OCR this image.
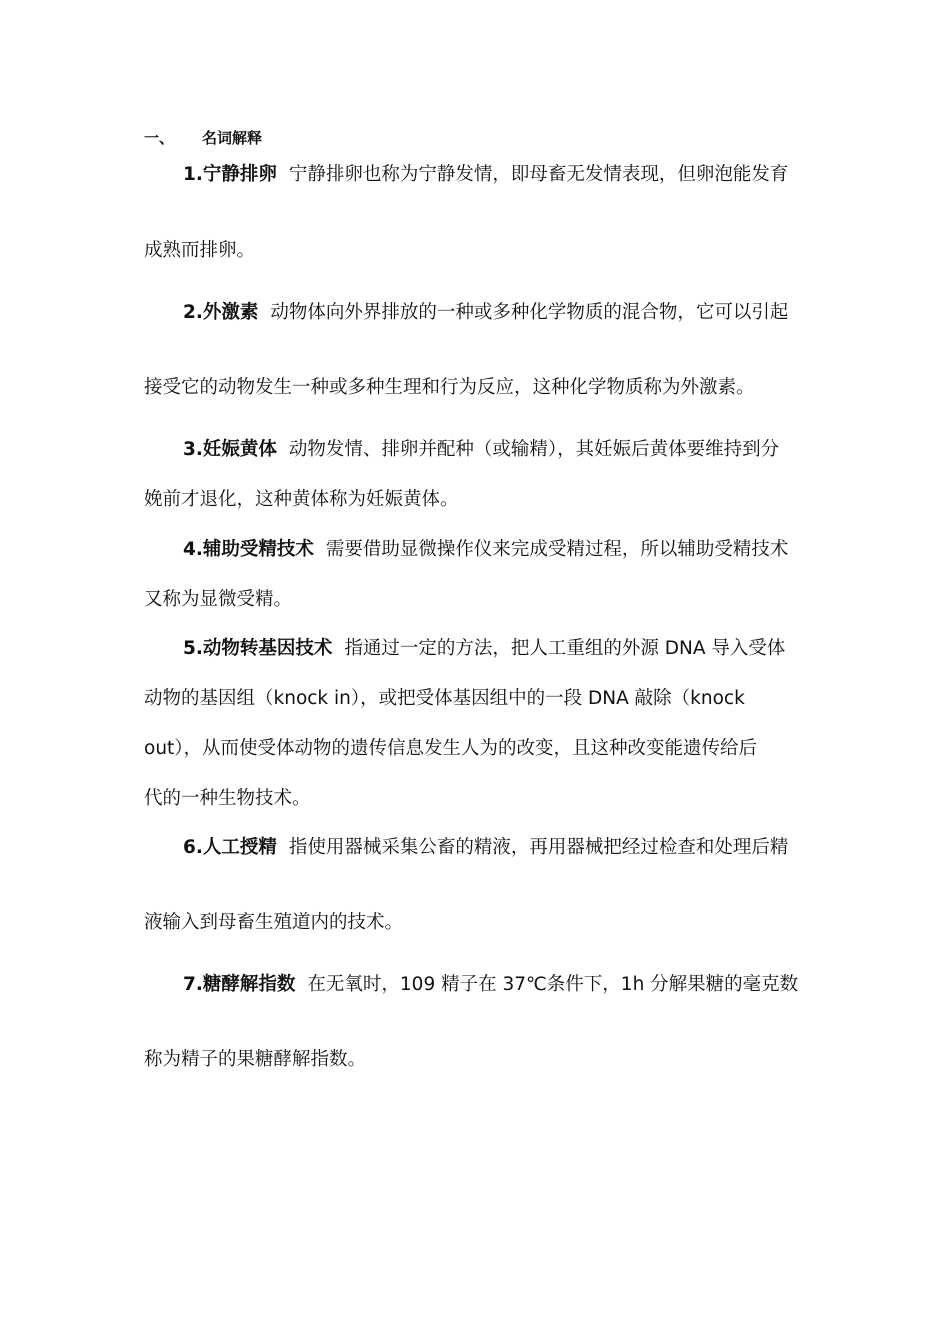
一、 名词解释
1.宁静排卵 宁静排卵也称为宁静发情，即母畜无发情表现，但卵泡能发育
成熟而排卵。
2.外激素 动物体向外界排放的一种或多种化学物质的混合物，它可以引起
接受它的动物发生一种或多种生理和行为反应，这种化学物质称为外激素。
3.妊娠黄体 动物发情、排卵并配种（或输精），其妊娠后黄体要维持到分
娩前才退化，这种黄体称为妊娠黄体。
4.辅助受精技术 需要借助显微操作仪来完成受精过程，所以辅助受精技术
又称为显微受精。
5.动物转基因技术 指通过一定的方法，把人工重组的外源 DNA 导入受体
动物的基因组（knock in），或把受体基因组中的一段 DNA 敲除（knock
out），从而使受体动物的遗传信息发生人为的改变，且这种改变能遗传给后
代的一种生物技术。
6.人工授精 指使用器械采集公畜的精液，再用器械把经过检查和处理后精
液输入到母畜生殖道内的技术。
7.糖酵解指数 在无氧时，109 精子在 37℃条件下，1h 分解果糖的毫克数
称为精子的果糖酵解指数。
